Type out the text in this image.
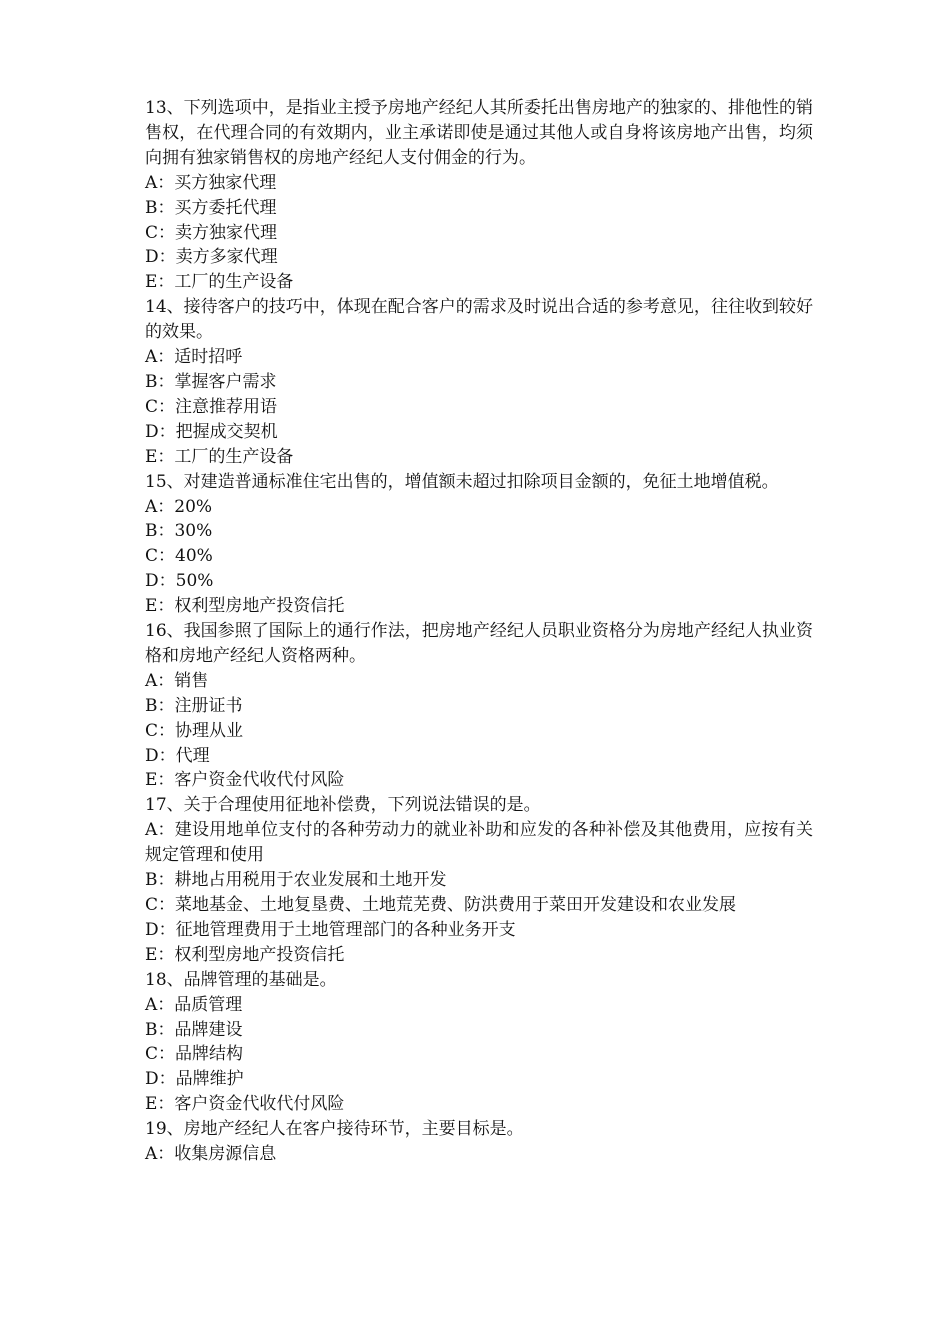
13、下列选项中，是指业主授予房地产经纪人其所委托出售房地产的独家的、排他性的销售权，在代理合同的有效期内，业主承诺即使是通过其他人或自身将该房地产出售，均须向拥有独家销售权的房地产经纪人支付佣金的行为。

A：买方独家代理

B：买方委托代理

C：卖方独家代理

D：卖方多家代理

E：工厂的生产设备

14、接待客户的技巧中，体现在配合客户的需求及时说出合适的参考意见，往往收到较好的效果。

A：适时招呼

B：掌握客户需求

C：注意推荐用语

D：把握成交契机

E：工厂的生产设备

15、对建造普通标准住宅出售的，增值额未超过扣除项目金额的，免征土地增值税。

A：20%

B：30%

C：40%

D：50%

E：权利型房地产投资信托

16、我国参照了国际上的通行作法，把房地产经纪人员职业资格分为房地产经纪人执业资格和房地产经纪人资格两种。

A：销售

B：注册证书

C：协理从业

D：代理

E：客户资金代收代付风险

17、关于合理使用征地补偿费，下列说法错误的是。

A：建设用地单位支付的各种劳动力的就业补助和应发的各种补偿及其他费用，应按有关规定管理和使用

B：耕地占用税用于农业发展和土地开发

C：菜地基金、土地复垦费、土地荒芜费、防洪费用于菜田开发建设和农业发展

D：征地管理费用于土地管理部门的各种业务开支

E：权利型房地产投资信托

18、品牌管理的基础是。

A：品质管理

B：品牌建设

C：品牌结构

D：品牌维护

E：客户资金代收代付风险

19、房地产经纪人在客户接待环节，主要目标是。

A：收集房源信息
